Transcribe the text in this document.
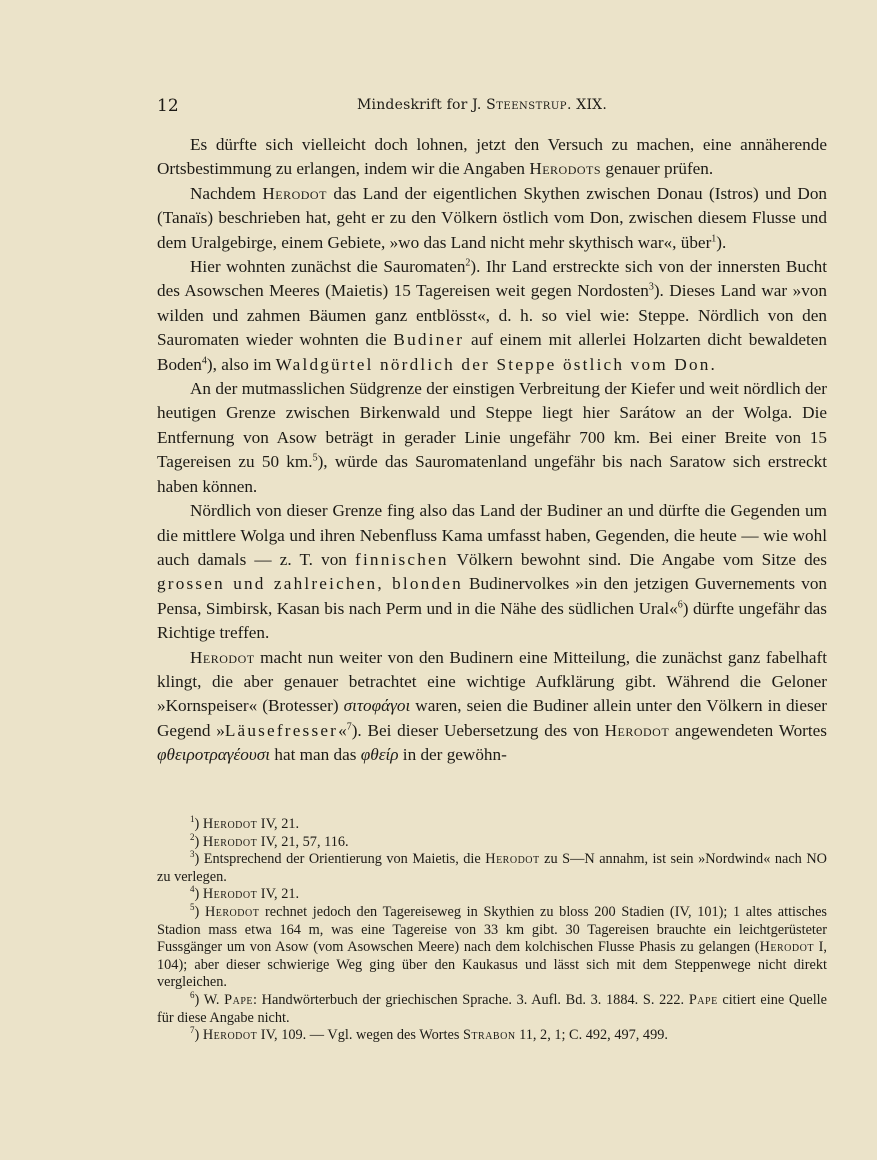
12	Mindeskrift for J. Steenstrup. XIX.

Es dürfte sich vielleicht doch lohnen, jetzt den Versuch zu machen, eine annäherende Ortsbestimmung zu erlangen, indem wir die Angaben Herodots genauer prüfen.

Nachdem Herodot das Land der eigentlichen Skythen zwischen Donau (Istros) und Don (Tanaïs) beschrieben hat, geht er zu den Völkern östlich vom Don, zwischen diesem Flusse und dem Uralgebirge, einem Gebiete, »wo das Land nicht mehr skythisch war«, über$^1$).

Hier wohnten zunächst die Sauromaten$^2$). Ihr Land erstreckte sich von der innersten Bucht des Asowschen Meeres (Maietis) 15 Tagereisen weit gegen Nordosten$^3$). Dieses Land war »von wilden und zahmen Bäumen ganz entblösst«, d. h. so viel wie: Steppe. Nördlich von den Sauromaten wieder wohnten die Budiner auf einem mit allerlei Holzarten dicht bewaldeten Boden$^4$), also im Waldgürtel nördlich der Steppe östlich vom Don.

An der mutmasslichen Südgrenze der einstigen Verbreitung der Kiefer und weit nördlich der heutigen Grenze zwischen Birkenwald und Steppe liegt hier Sarátow an der Wolga. Die Entfernung von Asow beträgt in gerader Linie ungefähr 700 km. Bei einer Breite von 15 Tagereisen zu 50 km.$^5$), würde das Sauromatenland ungefähr bis nach Saratow sich erstreckt haben können.

Nördlich von dieser Grenze fing also das Land der Budiner an und dürfte die Gegenden um die mittlere Wolga und ihren Nebenfluss Kama umfasst haben, Gegenden, die heute — wie wohl auch damals — z. T. von finnischen Völkern bewohnt sind. Die Angabe vom Sitze des grossen und zahlreichen, blonden Budinervolkes »in den jetzigen Guvernements von Pensa, Simbirsk, Kasan bis nach Perm und in die Nähe des südlichen Ural«$^6$) dürfte ungefähr das Richtige treffen.

Herodot macht nun weiter von den Budinern eine Mitteilung, die zunächst ganz fabelhaft klingt, die aber genauer betrachtet eine wichtige Aufklärung gibt. Während die Geloner »Kornspeiser« (Brotesser) σιτοφάγοι waren, seien die Budiner allein unter den Völkern in dieser Gegend »Läusefresser«$^7$). Bei dieser Uebersetzung des von Herodot angewendeten Wortes φθειροτραγέουσι hat man das φθείρ in der gewöhn-

$^1$) Herodot IV, 21.

$^2$) Herodot IV, 21, 57, 116.

$^3$) Entsprechend der Orientierung von Maietis, die Herodot zu S—N annahm, ist sein »Nordwind« nach NO zu verlegen.

$^4$) Herodot IV, 21.

$^5$) Herodot rechnet jedoch den Tagereiseweg in Skythien zu bloss 200 Stadien (IV, 101); 1 altes attisches Stadion mass etwa 164 m, was eine Tagereise von 33 km gibt. 30 Tagereisen brauchte ein leichtgerüsteter Fussgänger um von Asow (vom Asowschen Meere) nach dem kolchischen Flusse Phasis zu gelangen (Herodot I, 104); aber dieser schwierige Weg ging über den Kaukasus und lässt sich mit dem Steppenwege nicht direkt vergleichen.

$^6$) W. Pape: Handwörterbuch der griechischen Sprache. 3. Aufl. Bd. 3. 1884. S. 222. Pape citiert eine Quelle für diese Angabe nicht.

$^7$) Herodot IV, 109. — Vgl. wegen des Wortes Strabon 11, 2, 1; C. 492, 497, 499.
